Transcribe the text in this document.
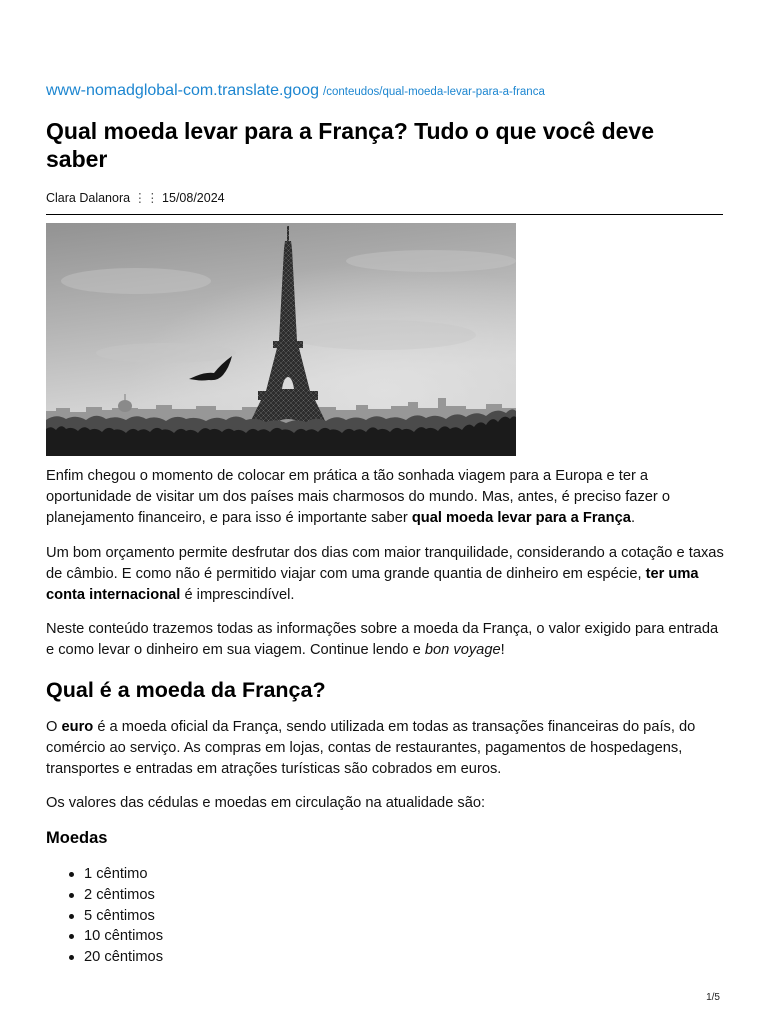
www-nomadglobal-com.translate.goog /conteudos/qual-moeda-levar-para-a-franca
Qual moeda levar para a França? Tudo o que você deve saber
Clara Dalanora ⋮⋮ 15/08/2024
Enfim chegou o momento de colocar em prática a tão sonhada viagem para a Europa e ter a
oportunidade de visitar um dos países mais charmosos do mundo. Mas, antes, é preciso fazer o
planejamento financeiro, e para isso é importante saber qual moeda levar para a França.
Um bom orçamento permite desfrutar dos dias com maior tranquilidade, considerando a cotação e taxas
de câmbio. E como não é permitido viajar com uma grande quantia de dinheiro em espécie, ter uma
conta internacional é imprescindível.
Neste conteúdo trazemos todas as informações sobre a moeda da França, o valor exigido para entrada
e como levar o dinheiro em sua viagem. Continue lendo e bon voyage!
Qual é a moeda da França?
O euro é a moeda oficial da França, sendo utilizada em todas as transações financeiras do país, do
comércio ao serviço. As compras em lojas, contas de restaurantes, pagamentos de hospedagens,
transportes e entradas em atrações turísticas são cobrados em euros.
Os valores das cédulas e moedas em circulação na atualidade são:
Moedas
1 cêntimo
2 cêntimos
5 cêntimos
10 cêntimos
20 cêntimos
1/5
